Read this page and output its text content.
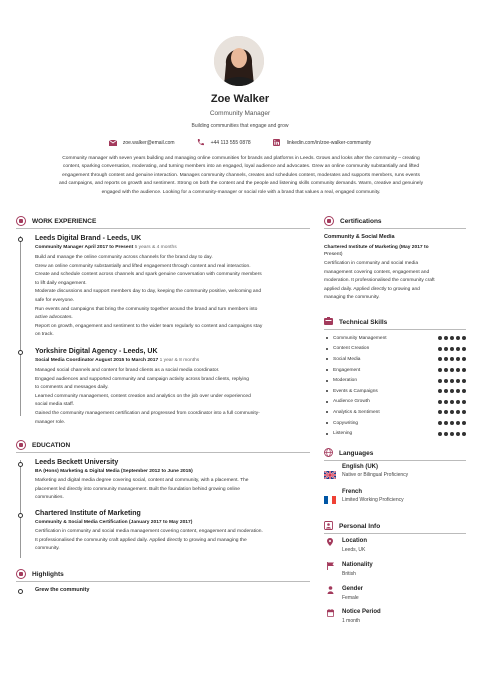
Zoe Walker
Community Manager
Building communities that engage and grow
zoe.walker@email.com	+44 113 555 0878	linkedin.com/in/zoe-walker-community
Community manager with seven years building and managing online communities for brands and platforms in Leeds. Grows and looks after the community – creating
content, sparking conversation, moderating, and turning members into an engaged, loyal audience and advocates. Grew an online community substantially and lifted
engagement through content and genuine interaction. Manages community channels, creates and schedules content, moderates and supports members, runs events
and campaigns, and reports on growth and sentiment. Strong on both the content and the people and listening skills community demands. Warm, creative and genuinely
engaged with the audience. Looking for a community-manager or social role with a brand that values a real, engaged community.
WORK EXPERIENCE
Leeds Digital Brand - Leeds, UK
Community Manager April 2017 to Present 5 years & 4 months
Build and manage the online community across channels for the brand day to day.
Grew an online community substantially and lifted engagement through content and real interaction.
Create and schedule content across channels and spark genuine conversation with community members
to lift daily engagement.
Moderate discussions and support members day to day, keeping the community positive, welcoming and
safe for everyone.
Run events and campaigns that bring the community together around the brand and turn members into
active advocates.
Report on growth, engagement and sentiment to the wider team regularly so content and campaigns stay
on track.
Yorkshire Digital Agency - Leeds, UK
Social Media Coordinator August 2015 to March 2017 1 year & 8 months
Managed social channels and content for brand clients as a social media coordinator.
Engaged audiences and supported community and campaign activity across brand clients, replying
to comments and messages daily.
Learned community management, content creation and analytics on the job over under experienced
social media staff.
Gained the community management certification and progressed from coordinator into a full community-
manager role.
EDUCATION
Leeds Beckett University
BA (Hons) Marketing & Digital Media (September 2012 to June 2015)
Marketing and digital media degree covering social, content and community, with a placement. The
placement led directly into community management. Built the foundation behind growing online
communities.
Chartered Institute of Marketing
Community & Social Media Certification (January 2017 to May 2017)
Certification in community and social media management covering content, engagement and moderation.
It professionalised the community craft applied daily. Applied directly to growing and managing the
community.
Highlights
Grew the community
Certifications
Community & Social Media
Chartered Institute of Marketing (May 2017 to
Present)
Certification in community and social media
management covering content, engagement and
moderation. It professionalised the community craft
applied daily. Applied directly to growing and
managing the community.
Technical Skills
Community Management
Content Creation
Social Media
Engagement
Moderation
Events & Campaigns
Audience Growth
Analytics & Sentiment
Copywriting
Listening
Languages
English (UK)
Native or Bilingual Proficiency
French
Limited Working Proficiency
Personal Info
Location
Leeds, UK
Nationality
British
Gender
Female
Notice Period
1 month
